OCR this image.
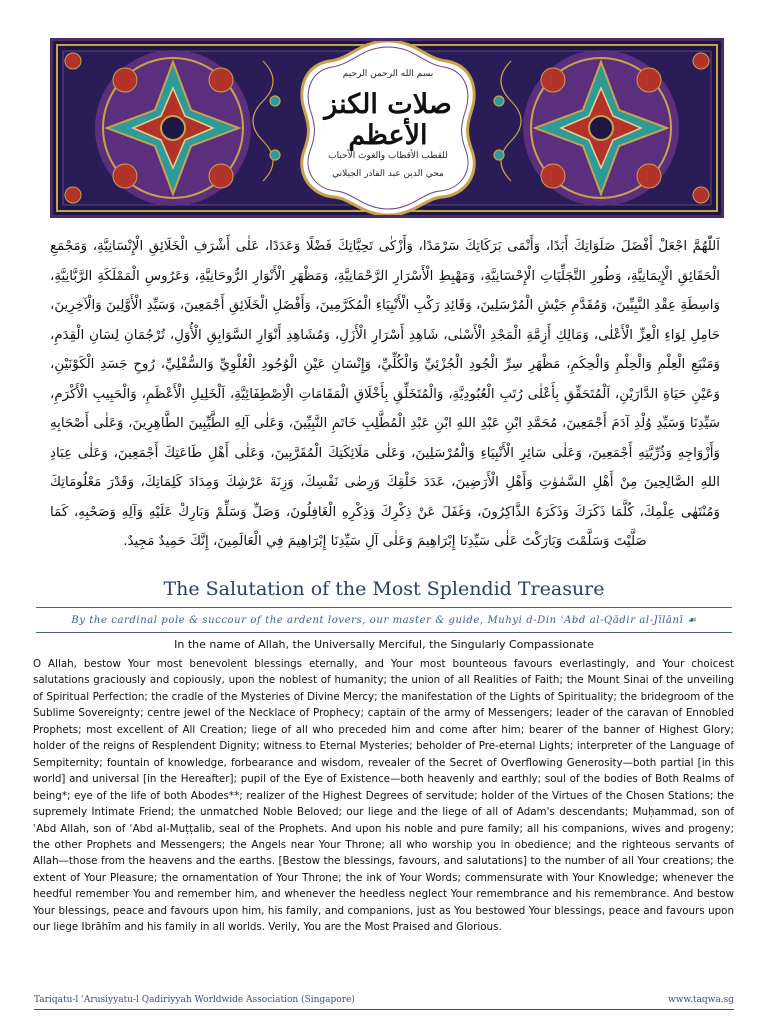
بسم الله الرحمن الرحيم
صلات الكنز الأعظم
للقطب الأقطاب والغوث الأحباب
محي الدين عبد القادر الجيلاني
اَللّٰهُمَّ اجْعَلْ أَفْضَلَ صَلَوَاتِكَ أَبَدًا، وَأَنْمَى بَرَكَاتِكَ سَرْمَدًا، وَأَزْكٰى تَحِيَّاتِكَ فَضْلًا وَعَدَدًا، عَلٰى أَشْرَفِ الْخَلَائِقِ الْإِنْسَانِيَّةِ، وَمَجْمَعِ الْحَقَائِقِ الْإِيمَانِيَّةِ، وَطُورِ التَّجَلِّيَاتِ الْإِحْسَانِيَّةِ، وَمَهْبِطِ الْأَسْرَارِ الرَّحْمَانِيَّةِ، وَمَظْهَرِ الْأَنْوَارِ الرُّوحَانِيَّةِ، وَعَرُوسِ الْمَمْلَكَةِ الرَّبَّانِيَّةِ، وَاسِطَةِ عِقْدِ النَّبِيِّينَ، وَمُقَدَّمِ جَيْشِ الْمُرْسَلِينَ، وَقَائِدِ رَكْبِ الْأَنْبِيَاءِ الْمُكَرَّمِينَ، وَأَفْضَلِ الْخَلَائِقِ أَجْمَعِينَ، وَسَيِّدِ الْأَوَّلِينَ وَالْآخِرِينَ، حَامِلِ لِوَاءِ الْعِزِّ الْأَعْلٰى، وَمَالِكِ أَزِمَّةِ الْمَجْدِ الْأَسْنٰى، شَاهِدِ أَسْرَارِ الْأَزَلِ، وَمُشَاهِدِ أَنْوَارِ السَّوَابِقِ الْأُوَلِ، تُرْجُمَانِ لِسَانِ الْقِدَمِ، وَمَنْبَعِ الْعِلْمِ وَالْحِلْمِ وَالْحِكَمِ، مَظْهَرِ سِرِّ الْجُودِ الْجُزْئِيِّ وَالْكُلِّيِّ، وَإِنْسَانِ عَيْنِ الْوُجُودِ الْعُلْوِيِّ وَالسُّفْلِيِّ، رُوحِ جَسَدِ الْكَوْنَيْنِ، وَعَيْنِ حَيَاةِ الدَّارَيْنِ، اَلْمُتَحَقِّقِ بِأَعْلٰى رُتَبِ الْعُبُودِيَّةِ، وَالْمُتَخَلِّقِ بِأَخْلَاقِ الْمَقَامَاتِ الْاِصْطِفَائِيَّةِ، اَلْخَلِيلِ الْأَعْظَمِ، وَالْحَبِيبِ الْأَكْرَمِ، سَيِّدِنَا وَسَيِّدِ وُلْدِ آدَمَ أَجْمَعِينَ، مُحَمَّدِ ابْنِ عَبْدِ اللهِ ابْنِ عَبْدِ الْمُطَّلِبِ خَاتَمِ النَّبِيِّينَ، وَعَلٰى آلِهِ الطَّيِّبِينَ الطَّاهِرِينَ، وَعَلٰى أَصْحَابِهِ وَأَزْوَاجِهِ وَذُرِّيَّتِهِ أَجْمَعِينَ، وَعَلٰى سَائِرِ الْأَنْبِيَاءِ وَالْمُرْسَلِينَ، وَعَلٰى مَلَائِكَتِكَ الْمُقَرَّبِينَ، وَعَلٰى أَهْلِ طَاعَتِكَ أَجْمَعِينَ، وَعَلٰى عِبَادِ اللهِ الصَّالِحِينَ مِنْ أَهْلِ السَّمٰوٰتِ وَأَهْلِ الْأَرَضِينَ، عَدَدَ خَلْقِكَ وَرِضٰى نَفْسِكَ، وَزِنَةَ عَرْشِكَ وَمِدَادَ كَلِمَاتِكَ، وَقَدْرَ مَعْلُومَاتِكَ وَمُنْتَهٰى عِلْمِكَ، كُلَّمَا ذَكَرَكَ وَذَكَرَهُ الذَّاكِرُونَ، وَغَفَلَ عَنْ ذِكْرِكَ وَذِكْرِهِ الْغَافِلُونَ، وَصَلِّ وَسَلِّمْ وَبَارِكْ عَلَيْهِ وَآلِهِ وَصَحْبِهِ، كَمَا صَلَّيْتَ وَسَلَّمْتَ وَبَارَكْتَ عَلٰى سَيِّدِنَا إِبْرَاهِيمَ وَعَلٰى آلِ سَيِّدِنَا إِبْرَاهِيمَ فِي الْعَالَمِينَ، إِنَّكَ حَمِيدٌ مَجِيدٌ.
The Salutation of the Most Splendid Treasure
By the cardinal pole & succour of the ardent lovers, our master & guide, Muhyi d-Din ʿAbd al-Qādir al-Jīlānī ☙
In the name of Allah, the Universally Merciful, the Singularly Compassionate
O Allah, bestow Your most benevolent blessings eternally, and Your most bounteous favours everlastingly, and Your choicest salutations graciously and copiously, upon the noblest of humanity; the union of all Realities of Faith; the Mount Sinai of the unveiling of Spiritual Perfection; the cradle of the Mysteries of Divine Mercy; the manifestation of the Lights of Spirituality; the bridegroom of the Sublime Sovereignty; centre jewel of the Necklace of Prophecy; captain of the army of Messengers; leader of the caravan of Ennobled Prophets; most excellent of All Creation; liege of all who preceded him and come after him; bearer of the banner of Highest Glory; holder of the reigns of Resplendent Dignity; witness to Eternal Mysteries; beholder of Pre-eternal Lights; interpreter of the Language of Sempiternity; fountain of knowledge, forbearance and wisdom, revealer of the Secret of Overflowing Generosity—both partial [in this world] and universal [in the Hereafter]; pupil of the Eye of Existence—both heavenly and earthly; soul of the bodies of Both Realms of being*; eye of the life of both Abodes**; realizer of the Highest Degrees of servitude; holder of the Virtues of the Chosen Stations; the supremely Intimate Friend; the unmatched Noble Beloved; our liege and the liege of all of Adam's descendants; Muḥammad, son of ʿAbd Allah, son of ʿAbd al-Muṭṭalib, seal of the Prophets. And upon his noble and pure family; all his companions, wives and progeny; the other Prophets and Messengers; the Angels near Your Throne; all who worship you in obedience; and the righteous servants of Allah—those from the heavens and the earths. [Bestow the blessings, favours, and salutations] to the number of all Your creations; the extent of Your Pleasure; the ornamentation of Your Throne; the ink of Your Words; commensurate with Your Knowledge; whenever the heedful remember You and remember him, and whenever the heedless neglect Your remembrance and his remembrance. And bestow Your blessings, peace and favours upon him, his family, and companions, just as You bestowed Your blessings, peace and favours upon our liege Ibrāhīm and his family in all worlds. Verily, You are the Most Praised and Glorious.
Tariqatu-l ʿArusiyyatu-l Qadiriyyah Worldwide Association (Singapore)	www.taqwa.sg
